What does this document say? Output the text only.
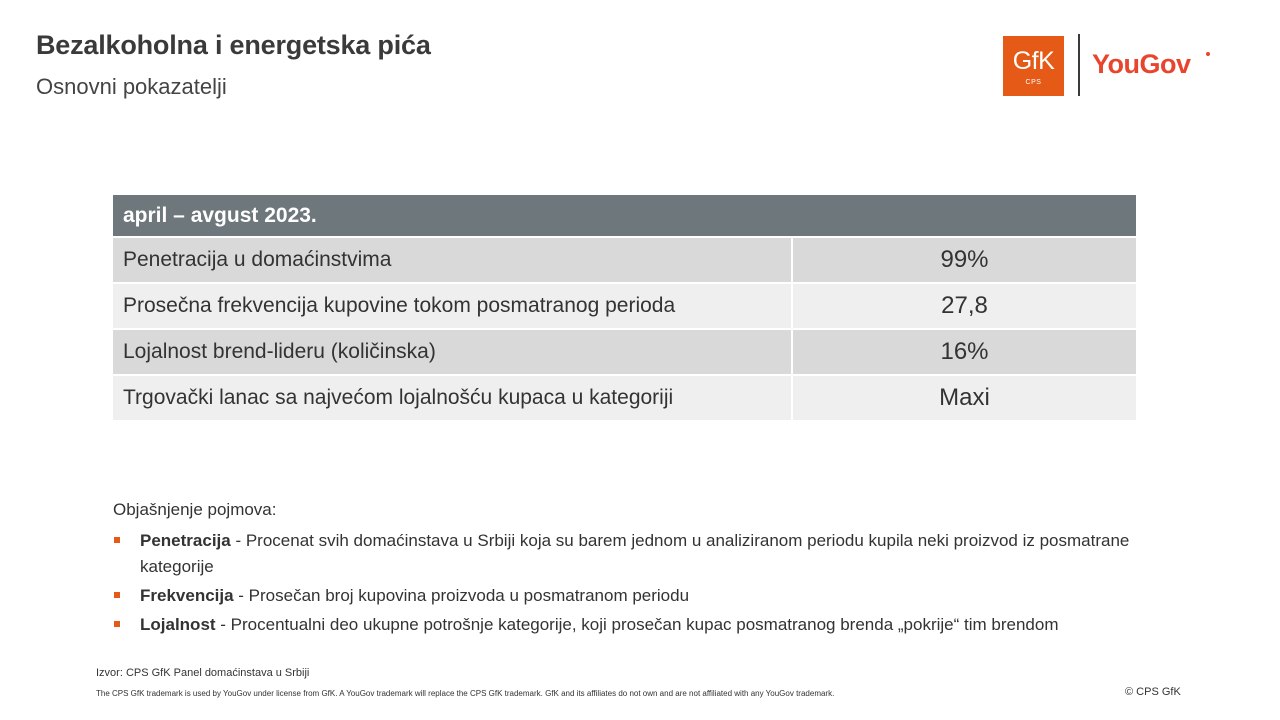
Bezalkoholna i energetska pića
Osnovni pokazatelji
GfK
CPS
YouGov
april – avgust 2023.
Penetracija u domaćinstvima	99%
Prosečna frekvencija kupovine tokom posmatranog perioda	27,8
Lojalnost brend-lideru (količinska)	16%
Trgovački lanac sa najvećom lojalnošću kupaca u kategoriji	Maxi

Objašnjenje pojmova:

Penetracija - Procenat svih domaćinstava u Srbiji koja su barem jednom u analiziranom periodu kupila neki proizvod iz posmatrane kategorije
Frekvencija - Prosečan broj kupovina proizvoda u posmatranom periodu
Lojalnost - Procentualni deo ukupne potrošnje kategorije, koji prosečan kupac posmatranog brenda „pokrije“ tim brendom
Izvor: CPS GfK Panel domaćinstava u Srbiji
The CPS GfK trademark is used by YouGov under license from GfK. A YouGov trademark will replace the CPS GfK trademark. GfK and its affiliates do not own and are not affiliated with any YouGov trademark.	© CPS GfK
